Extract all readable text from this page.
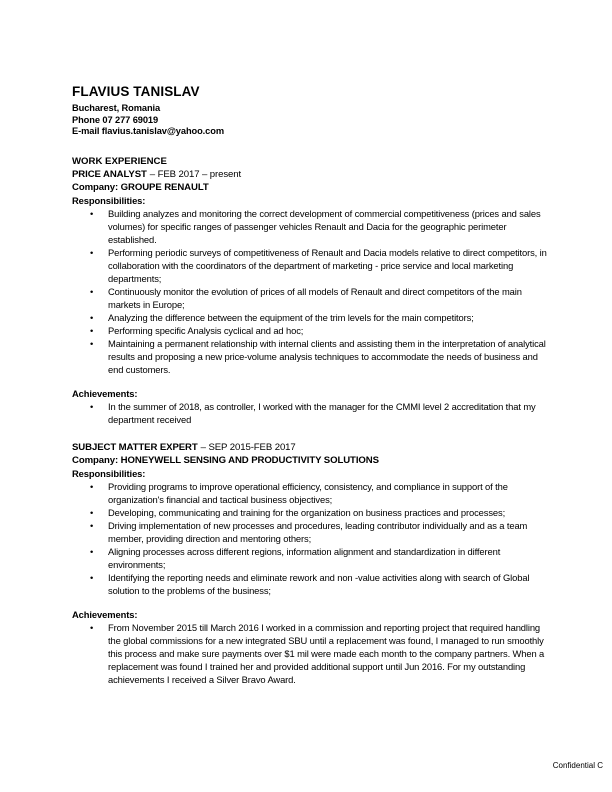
FLAVIUS TANISLAV
Bucharest, Romania
Phone 07 277 69019
E-mail flavius.tanislav@yahoo.com
WORK EXPERIENCE
PRICE ANALYST – FEB 2017 – present
Company: GROUPE RENAULT
Responsibilities:
• Building analyzes and monitoring the correct development of commercial competitiveness (prices and sales volumes) for specific ranges of passenger vehicles Renault and Dacia for the geographic perimeter established.
• Performing periodic surveys of competitiveness of Renault and Dacia models relative to direct competitors, in collaboration with the coordinators of the department of marketing - price service and local marketing departments;
• Continuously monitor the evolution of prices of all models of Renault and direct competitors of the main markets in Europe;
• Analyzing the difference between the equipment of the trim levels for the main competitors;
• Performing specific Analysis cyclical and ad hoc;
• Maintaining a permanent relationship with internal clients and assisting them in the interpretation of analytical results and proposing a new price-volume analysis techniques to accommodate the needs of business and end customers.
Achievements:
• In the summer of 2018, as controller, I worked with the manager for the CMMI level 2 accreditation that my department received
SUBJECT MATTER EXPERT – SEP 2015-FEB 2017
Company: HONEYWELL SENSING AND PRODUCTIVITY SOLUTIONS
Responsibilities:
• Providing programs to improve operational efficiency, consistency, and compliance in support of the organization's financial and tactical business objectives;
• Developing, communicating and training for the organization on business practices and processes;
• Driving implementation of new processes and procedures, leading contributor individually and as a team member, providing direction and mentoring others;
• Aligning processes across different regions, information alignment and standardization in different environments;
• Identifying the reporting needs and eliminate rework and non -value activities along with search of Global solution to the problems of the business;
Achievements:
• From November 2015 till March 2016 I worked in a commission and reporting project that required handling the global commissions for a new integrated SBU until a replacement was found, I managed to run smoothly this process and make sure payments over $1 mil were made each month to the company partners. When a replacement was found I trained her and provided additional support until Jun 2016. For my outstanding achievements I received a Silver Bravo Award.
Confidential C
